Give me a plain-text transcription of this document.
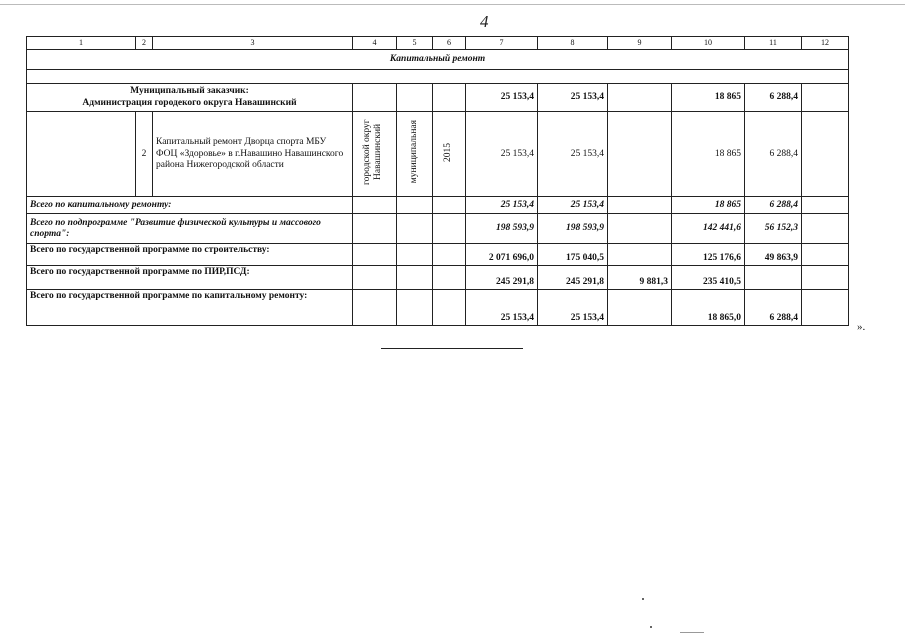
4
1	2	3	4	5	6	7	8	9	10	11	12
Капитальный ремонт											

Муниципальный заказчик:
Администрация городекого округа Навашинский						25 153,4	25 153,4		18 865	6 288,4	
	2	Капитальный ремонт Дворца спорта МБУ ФОЦ «Здоровье» в г.Навашино Навашинского района Нижегородской области	городской округ Навашинский	муниципальная	2015	25 153,4	25 153,4		18 865	6 288,4	
Всего по капитальному ремонту:						25 153,4	25 153,4		18 865	6 288,4	
Всего по подпрограмме "Развитие физической культуры и массового спорта":						198 593,9	198 593,9		142 441,6	56 152,3	
Всего по государственной программе по строительству:						2 071 696,0	175 040,5		125 176,6	49 863,9	
Всего по государственной программе по ПИР,ПСД:						245 291,8	245 291,8	9 881,3	235 410,5		
Всего по государственной программе по капитальному ремонту:						25 153,4	25 153,4		18 865,0	6 288,4	
».
